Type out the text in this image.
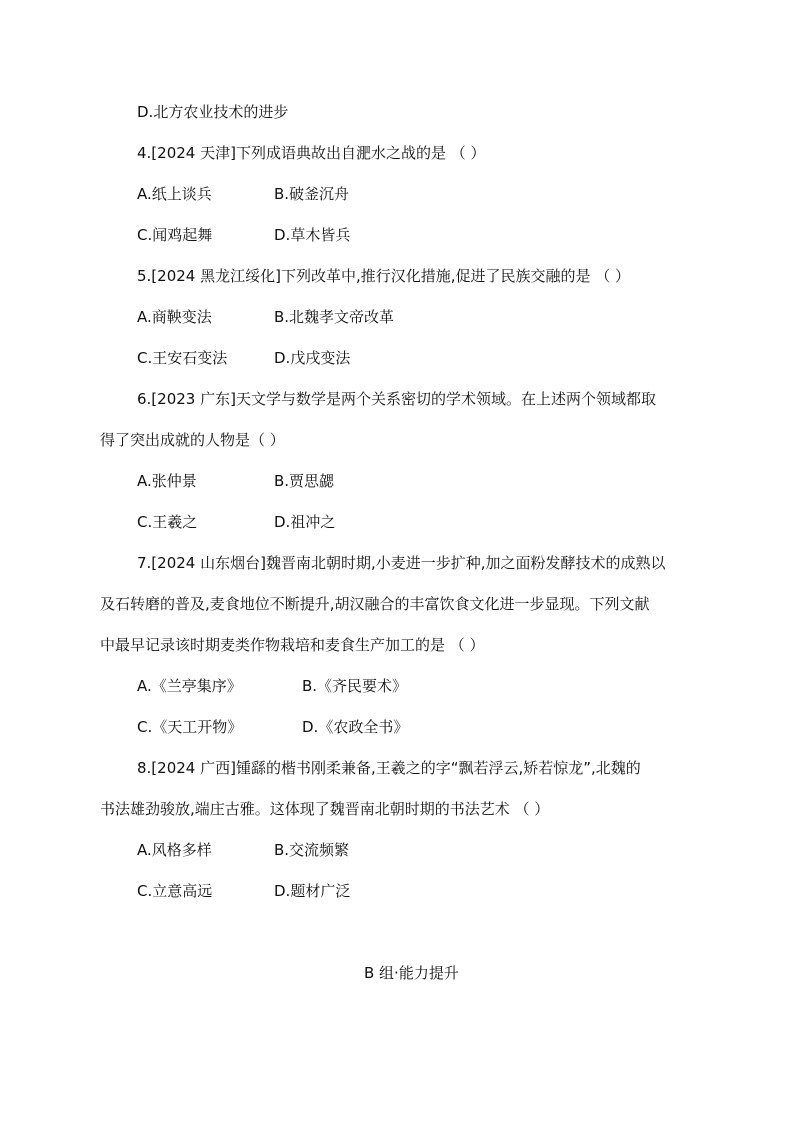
D.北方农业技术的进步
4.[2024 天津]下列成语典故出自淝水之战的是 （ ）
A.纸上谈兵	B.破釜沉舟
C.闻鸡起舞	D.草木皆兵
5.[2024 黑龙江绥化]下列改革中,推行汉化措施,促进了民族交融的是 （ ）
A.商鞅变法	B.北魏孝文帝改革
C.王安石变法	D.戊戌变法
6.[2023 广东]天文学与数学是两个关系密切的学术领域。在上述两个领域都取
得了突出成就的人物是（ ）
A.张仲景	B.贾思勰
C.王羲之	D.祖冲之
7.[2024 山东烟台]魏晋南北朝时期,小麦进一步扩种,加之面粉发酵技术的成熟以
及石转磨的普及,麦食地位不断提升,胡汉融合的丰富饮食文化进一步显现。下列文献
中最早记录该时期麦类作物栽培和麦食生产加工的是 （ ）
A.《兰亭集序》	B.《齐民要术》
C.《天工开物》	D.《农政全书》
8.[2024 广西]锺繇的楷书刚柔兼备,王羲之的字“飘若浮云,矫若惊龙”,北魏的
书法雄劲骏放,端庄古雅。这体现了魏晋南北朝时期的书法艺术 （ ）
A.风格多样	B.交流频繁
C.立意高远	D.题材广泛
B 组·能力提升
